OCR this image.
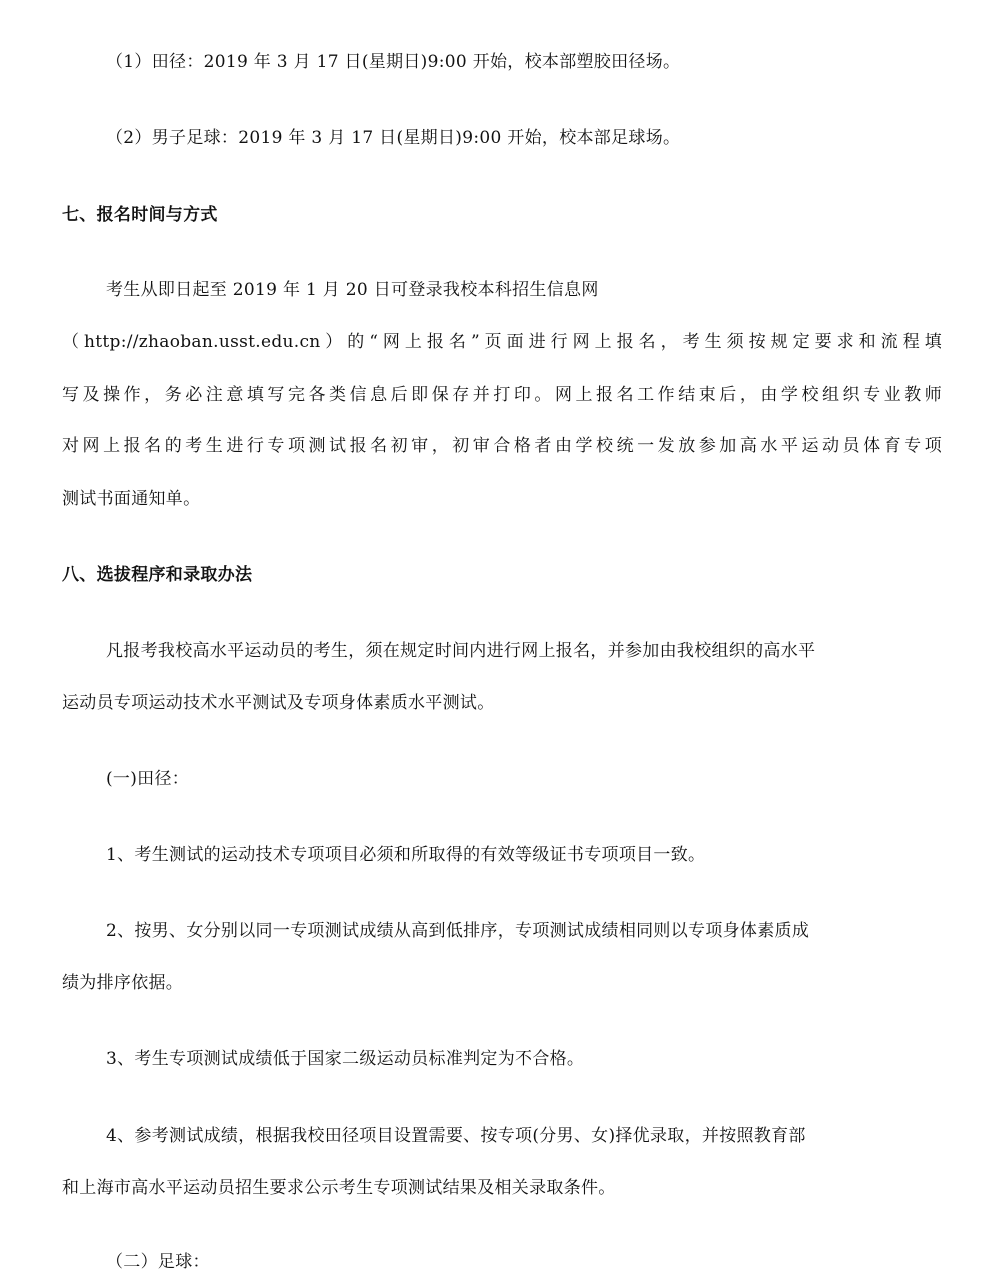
（1）田径：2019 年 3 月 17 日(星期日)9:00 开始，校本部塑胶田径场。
（2）男子足球：2019 年 3 月 17 日(星期日)9:00 开始，校本部足球场。
七、报名时间与方式
考生从即日起至 2019 年 1 月 20 日可登录我校本科招生信息网
（http://zhaoban.usst.edu.cn）的“网上报名”页面进行网上报名，考生须按规定要求和流程填
写及操作，务必注意填写完各类信息后即保存并打印。网上报名工作结束后，由学校组织专业教师
对网上报名的考生进行专项测试报名初审，初审合格者由学校统一发放参加高水平运动员体育专项
测试书面通知单。
八、选拔程序和录取办法
凡报考我校高水平运动员的考生，须在规定时间内进行网上报名，并参加由我校组织的高水平
运动员专项运动技术水平测试及专项身体素质水平测试。
(一)田径：
1、考生测试的运动技术专项项目必须和所取得的有效等级证书专项项目一致。
2、按男、女分别以同一专项测试成绩从高到低排序，专项测试成绩相同则以专项身体素质成
绩为排序依据。
3、考生专项测试成绩低于国家二级运动员标准判定为不合格。
4、参考测试成绩，根据我校田径项目设置需要、按专项(分男、女)择优录取，并按照教育部
和上海市高水平运动员招生要求公示考生专项测试结果及相关录取条件。
（二）足球：
